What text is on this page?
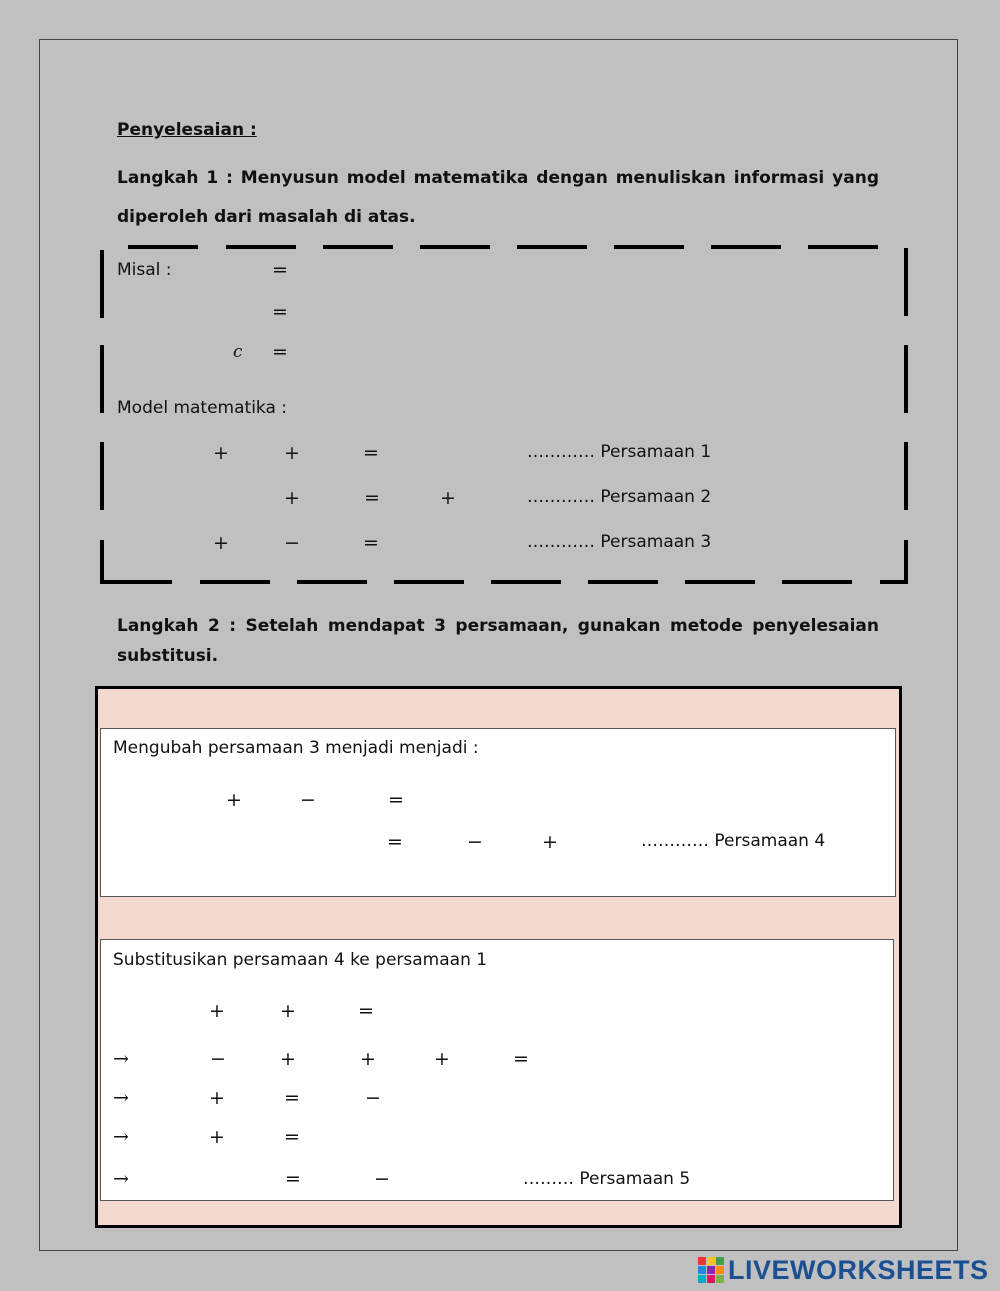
Penyelesaian :
Langkah 1 : Menyusun model matematika dengan menuliskan informasi yang
diperoleh dari masalah di atas.
Misal :	=
=
c =
Model matematika :
+	+	=	………… Persamaan 1
+	=	+	………… Persamaan 2
+	−	=	………… Persamaan 3
Langkah 2 : Setelah mendapat 3 persamaan, gunakan metode penyelesaian
substitusi.
Mengubah persamaan 3 menjadi menjadi :
+	−	=
=	−	+	………… Persamaan 4
Substitusikan persamaan 4 ke persamaan 1
+	+	=
→	−	+	+	+	=
→	+	=	−
→	+	=
→	=	−	……… Persamaan 5
LIVEWORKSHEETS
